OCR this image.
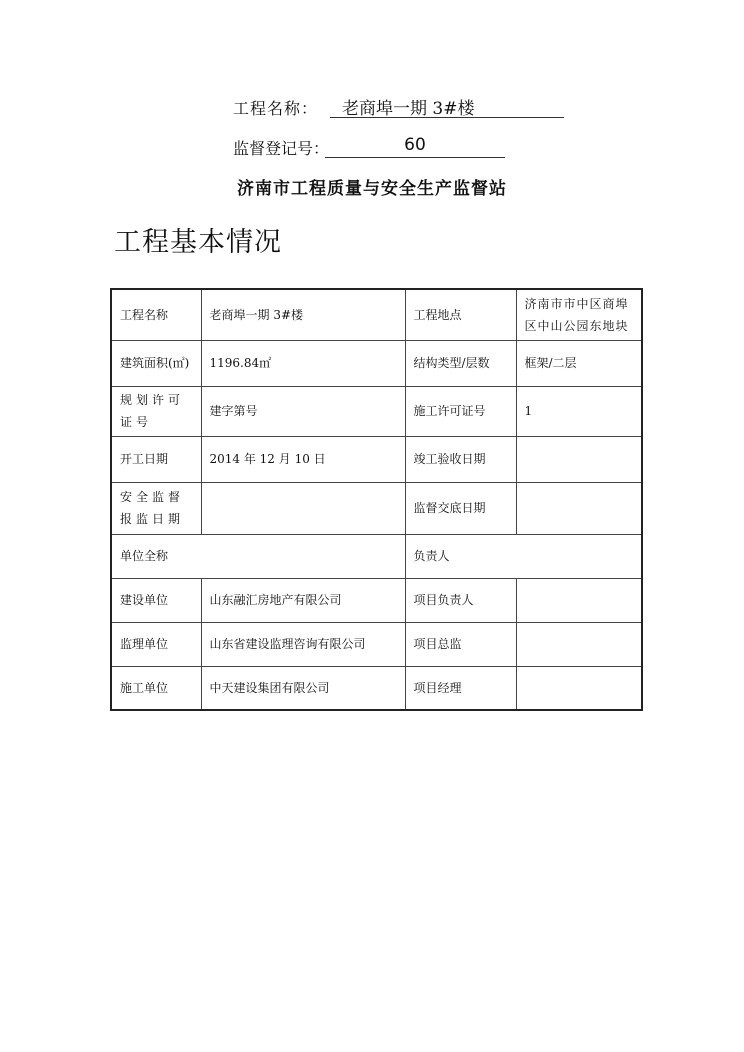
工程名称：	老商埠一期 3#楼
监督登记号：	60
济南市工程质量与安全生产监督站
工程基本情况
工程名称	老商埠一期 3#楼	工程地点	济南市市中区商埠区中山公园东地块
建筑面积(㎡)	1196.84㎡	结构类型/层数	框架/二层
规划许可证号	建字第号	施工许可证号	1
开工日期	2014 年 12 月 10 日	竣工验收日期	
安全监督报监日期		监督交底日期	
单位全称		负责人	
建设单位	山东融汇房地产有限公司	项目负责人	
监理单位	山东省建设监理咨询有限公司	项目总监	
施工单位	中天建设集团有限公司	项目经理	
